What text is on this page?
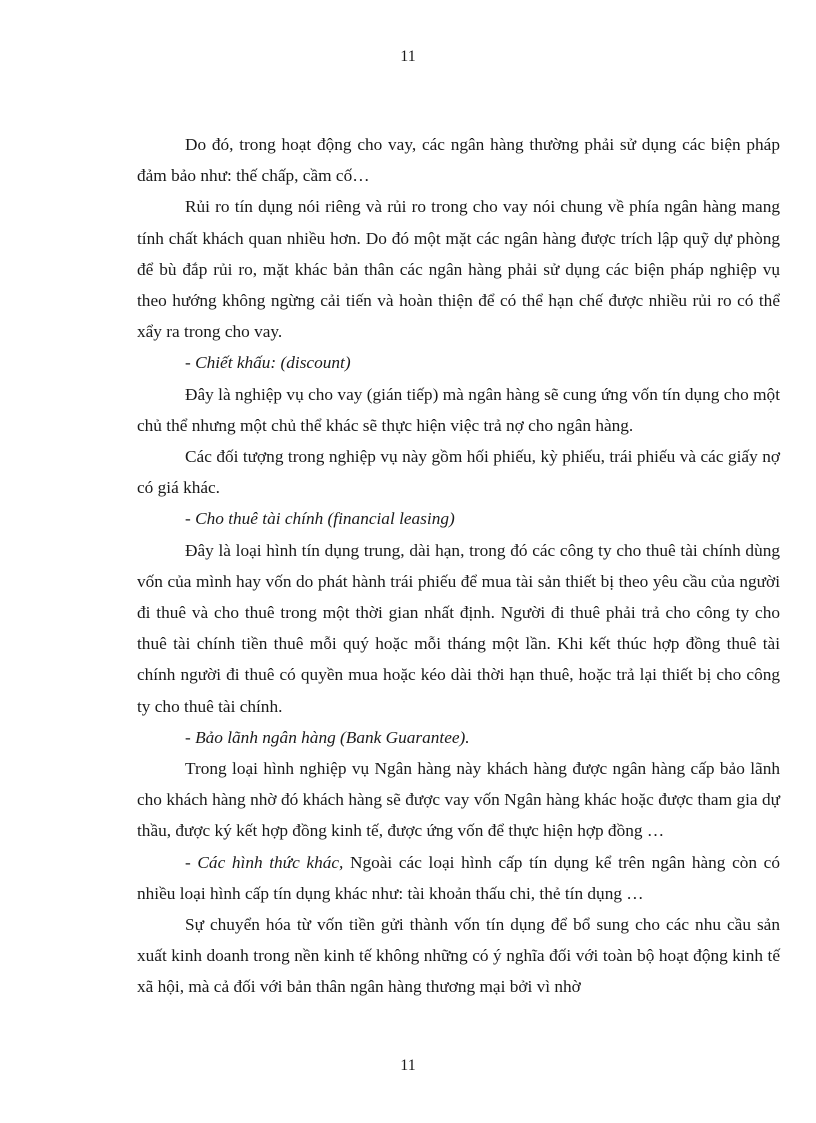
11

Do đó, trong hoạt động cho vay, các ngân hàng thường phải sử dụng các biện pháp đảm bảo như: thế chấp, cầm cố…

Rủi ro tín dụng nói riêng và rủi ro trong cho vay nói chung về phía ngân hàng mang tính chất khách quan nhiều hơn. Do đó một mặt các ngân hàng được trích lập quỹ dự phòng để bù đắp rủi ro, mặt khác bản thân các ngân hàng phải sử dụng các biện pháp nghiệp vụ theo hướng không ngừng cải tiến và hoàn thiện để có thể hạn chế được nhiều rủi ro có thể xẩy ra trong cho vay.

- Chiết khấu: (discount)

Đây là nghiệp vụ cho vay (gián tiếp) mà ngân hàng sẽ cung ứng vốn tín dụng cho một chủ thể nhưng một chủ thể khác sẽ thực hiện việc trả nợ cho ngân hàng.

Các đối tượng trong nghiệp vụ này gồm hối phiếu, kỳ phiếu, trái phiếu và các giấy nợ có giá khác.

- Cho thuê tài chính (financial leasing)

Đây là loại hình tín dụng trung, dài hạn, trong đó các công ty cho thuê tài chính dùng vốn của mình hay vốn do phát hành trái phiếu để mua tài sản thiết bị theo yêu cầu của người đi thuê và cho thuê trong một thời gian nhất định. Người đi thuê phải trả cho công ty cho thuê tài chính tiền thuê mỗi quý hoặc mỗi tháng một lần. Khi kết thúc hợp đồng thuê tài chính người đi thuê có quyền mua hoặc kéo dài thời hạn thuê, hoặc trả lại thiết bị cho công ty cho thuê tài chính.

- Bảo lãnh ngân hàng (Bank Guarantee).

Trong loại hình nghiệp vụ Ngân hàng này khách hàng được ngân hàng cấp bảo lãnh cho khách hàng nhờ đó khách hàng sẽ được vay vốn Ngân hàng khác hoặc được tham gia dự thầu, được ký kết hợp đồng kinh tế, được ứng vốn để thực hiện hợp đồng …

- Các hình thức khác, Ngoài các loại hình cấp tín dụng kể trên ngân hàng còn có nhiều loại hình cấp tín dụng khác như: tài khoản thấu chi, thẻ tín dụng …

Sự chuyển hóa từ vốn tiền gửi thành vốn tín dụng để bổ sung cho các nhu cầu sản xuất kinh doanh trong nền kinh tế không những có ý nghĩa đối với toàn bộ hoạt động kinh tế xã hội, mà cả đối với bản thân ngân hàng thương mại bởi vì nhờ

11
